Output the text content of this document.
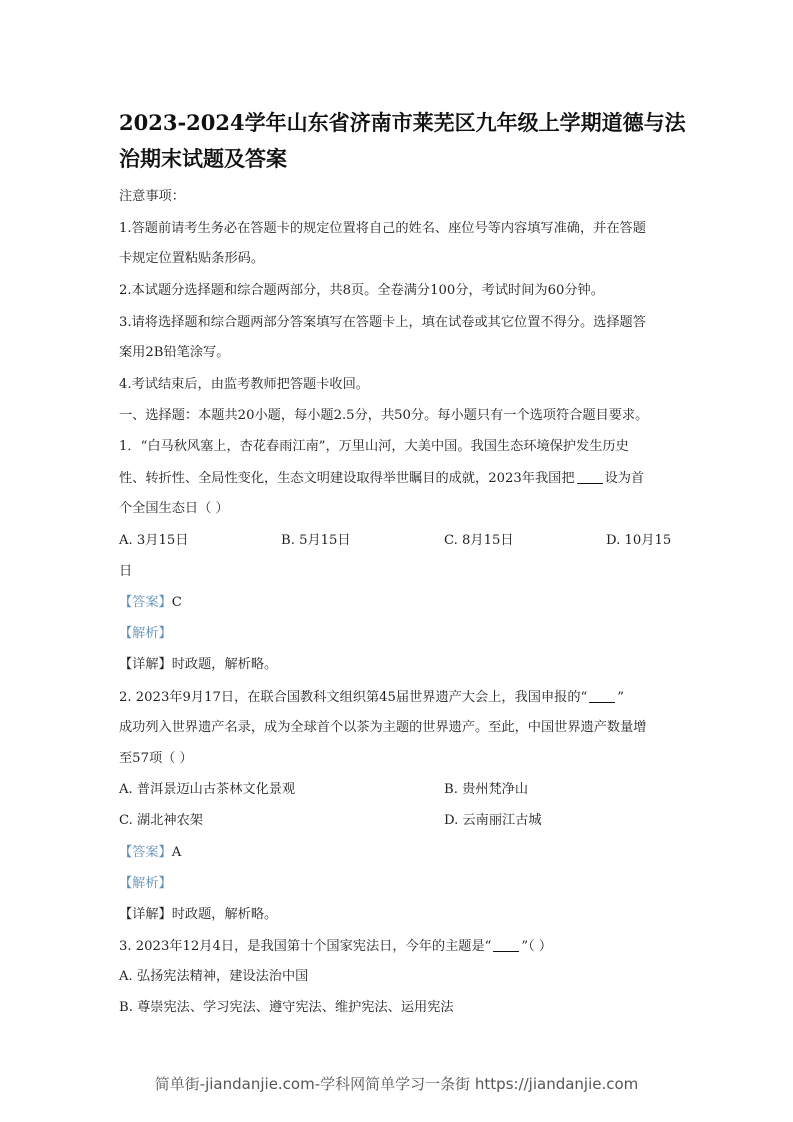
2023-2024学年山东省济南市莱芜区九年级上学期道德与法
治期末试题及答案
注意事项：
1.答题前请考生务必在答题卡的规定位置将自己的姓名、座位号等内容填写准确，并在答题
卡规定位置粘贴条形码。
2.本试题分选择题和综合题两部分，共8页。全卷满分100分，考试时间为60分钟。
3.请将选择题和综合题两部分答案填写在答题卡上，填在试卷或其它位置不得分。选择题答
案用2B铅笔涂写。
4.考试结束后，由监考教师把答题卡收回。
一、选择题：本题共20小题，每小题2.5分，共50分。每小题只有一个选项符合题目要求。
1．“白马秋风塞上，杏花春雨江南”，万里山河，大美中国。我国生态环境保护发生历史
性、转折性、全局性变化，生态文明建设取得举世瞩目的成就，2023年我国把 设为首
个全国生态日（ ）
A. 3月15日	B. 5月15日	C. 8月15日	D. 10月15
日
【答案】C
【解析】
【详解】时政题，解析略。
2. 2023年9月17日，在联合国教科文组织第45届世界遗产大会上，我国申报的“ ”
成功列入世界遗产名录，成为全球首个以茶为主题的世界遗产。至此，中国世界遗产数量增
至57项（ ）
A. 普洱景迈山古茶林文化景观	B. 贵州梵净山
C. 湖北神农架	D. 云南丽江古城
【答案】A
【解析】
【详解】时政题，解析略。
3. 2023年12月4日，是我国第十个国家宪法日，今年的主题是“ ”（ ）
A. 弘扬宪法精神，建设法治中国
B. 尊崇宪法、学习宪法、遵守宪法、维护宪法、运用宪法
简单街-jiandanjie.com-学科网简单学习一条街 https://jiandanjie.com
